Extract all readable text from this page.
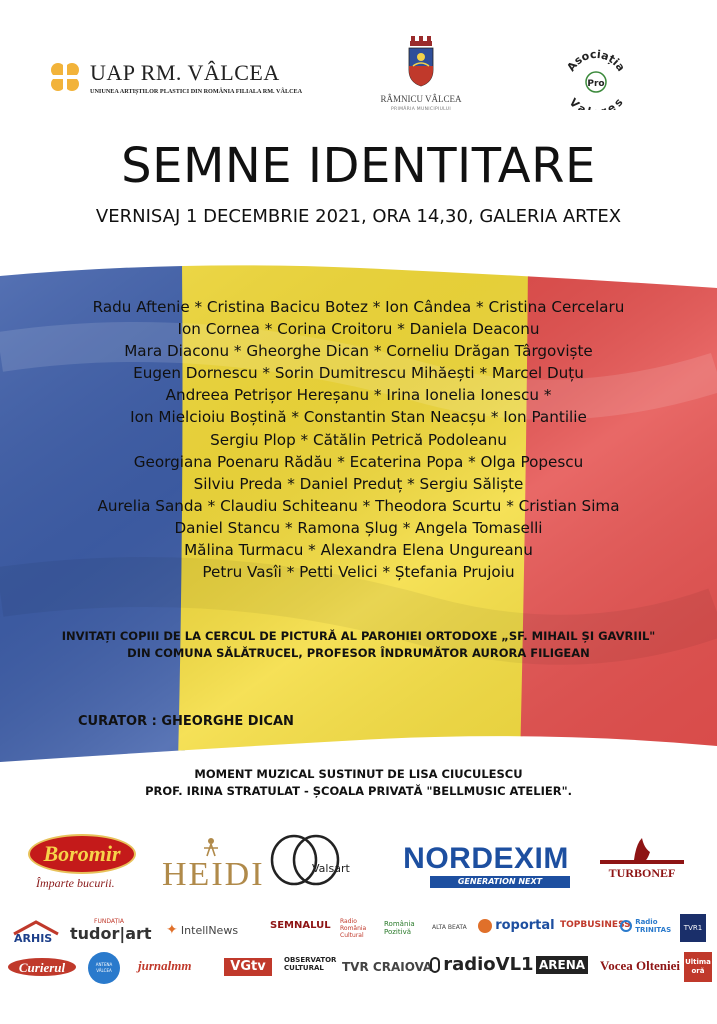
UAP RM. VÂLCEA
UNIUNEA ARTIȘTILOR PLASTICI DIN ROMÂNIA FILIALA RM. VÂLCEA
RÂMNICU VÂLCEA
PRIMĂRIA MUNICIPIULUI
Asociația
Pro
Va es
SEMNE IDENTITARE
VERNISAJ 1 DECEMBRIE 2021, ORA 14,30, GALERIA ARTEX
Radu Aftenie * Cristina Bacicu Botez * Ion Cândea * Cristina Cercelaru
Ion Cornea * Corina Croitoru * Daniela Deaconu
Mara Diaconu * Gheorghe Dican * Corneliu Drăgan Târgoviște
Eugen Dornescu * Sorin Dumitrescu Mihăești * Marcel Duțu
Andreea Petrișor Hereșanu * Irina Ionelia Ionescu *
Ion Mielcioiu Boștină * Constantin Stan Neacșu * Ion Pantilie
Sergiu Plop * Cătălin Petrică Podoleanu
Georgiana Poenaru Rădău * Ecaterina Popa * Olga Popescu
Silviu Preda * Daniel Preduț * Sergiu Săliște
Aurelia Sanda * Claudiu Schiteanu * Theodora Scurtu * Cristian Sima
Daniel Stancu * Ramona Șlug * Angela Tomaselli
Mălina Turmacu * Alexandra Elena Ungureanu
Petru Vasîi * Petti Velici * Ștefania Prujoiu
INVITAȚI COPIII DE LA CERCUL DE PICTURĂ AL PAROHIEI ORTODOXE „SF. MIHAIL ȘI GAVRIIL"
DIN COMUNA SĂLĂTRUCEL, PROFESOR ÎNDRUMĂTOR AURORA FILIGEAN
CURATOR : GHEORGHE DICAN
MOMENT MUZICAL SUSTINUT DE LISA CIUCULESCU
PROF. IRINA STRATULAT - ȘCOALA PRIVATĂ "BELLMUSIC ATELIER".
Boromir
Împarte bucurii. HEIDI	Valsart NORDEXIM
GENERATION NEXT
TURBONEF
ARHIS
FUNDAȚIA
tudor|art ✦ IntellNews	SEMNALUL Radio România Cultural
România Pozitivă
ALTA BEATA	roportal TOPBUSINESS Radio TRINITAS	TVR1
Curierul	ANTENA VÂLCEA	jurnalmm	VGtv	OBSERVATOR CULTURAL	TVR CRAIOVA radioVL1 ARENA Vocea Olteniei Ultima oră
